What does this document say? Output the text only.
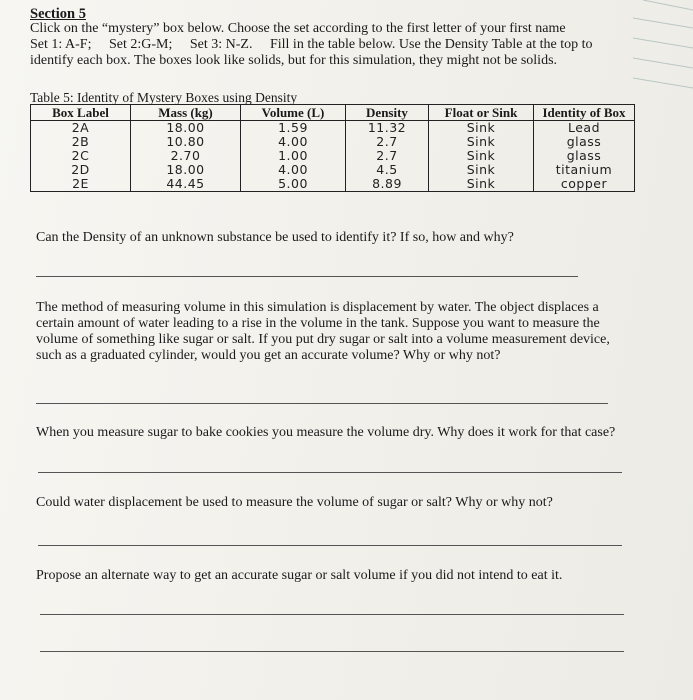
Section 5
Click on the “mystery” box below. Choose the set according to the first letter of your first name
Set 1: A-F; Set 2:G-M; Set 3: N-Z. Fill in the table below. Use the Density Table at the top to
identify each box. The boxes look like solids, but for this simulation, they might not be solids.
Table 5: Identity of Mystery Boxes using Density
Box Label	Mass (kg)	Volume (L)	Density	Float or Sink	Identity of Box
2A	18.00	1.59	11.32	Sink	Lead
2B	10.80	4.00	2.7	Sink	glass
2C	2.70	1.00	2.7	Sink	glass
2D	18.00	4.00	4.5	Sink	titanium
2E	44.45	5.00	8.89	Sink	copper
Can the Density of an unknown substance be used to identify it? If so, how and why?
The method of measuring volume in this simulation is displacement by water. The object displaces a certain amount of water leading to a rise in the volume in the tank. Suppose you want to measure the volume of something like sugar or salt. If you put dry sugar or salt into a volume measurement device, such as a graduated cylinder, would you get an accurate volume? Why or why not?
When you measure sugar to bake cookies you measure the volume dry. Why does it work for that case?
Could water displacement be used to measure the volume of sugar or salt? Why or why not?
Propose an alternate way to get an accurate sugar or salt volume if you did not intend to eat it.
